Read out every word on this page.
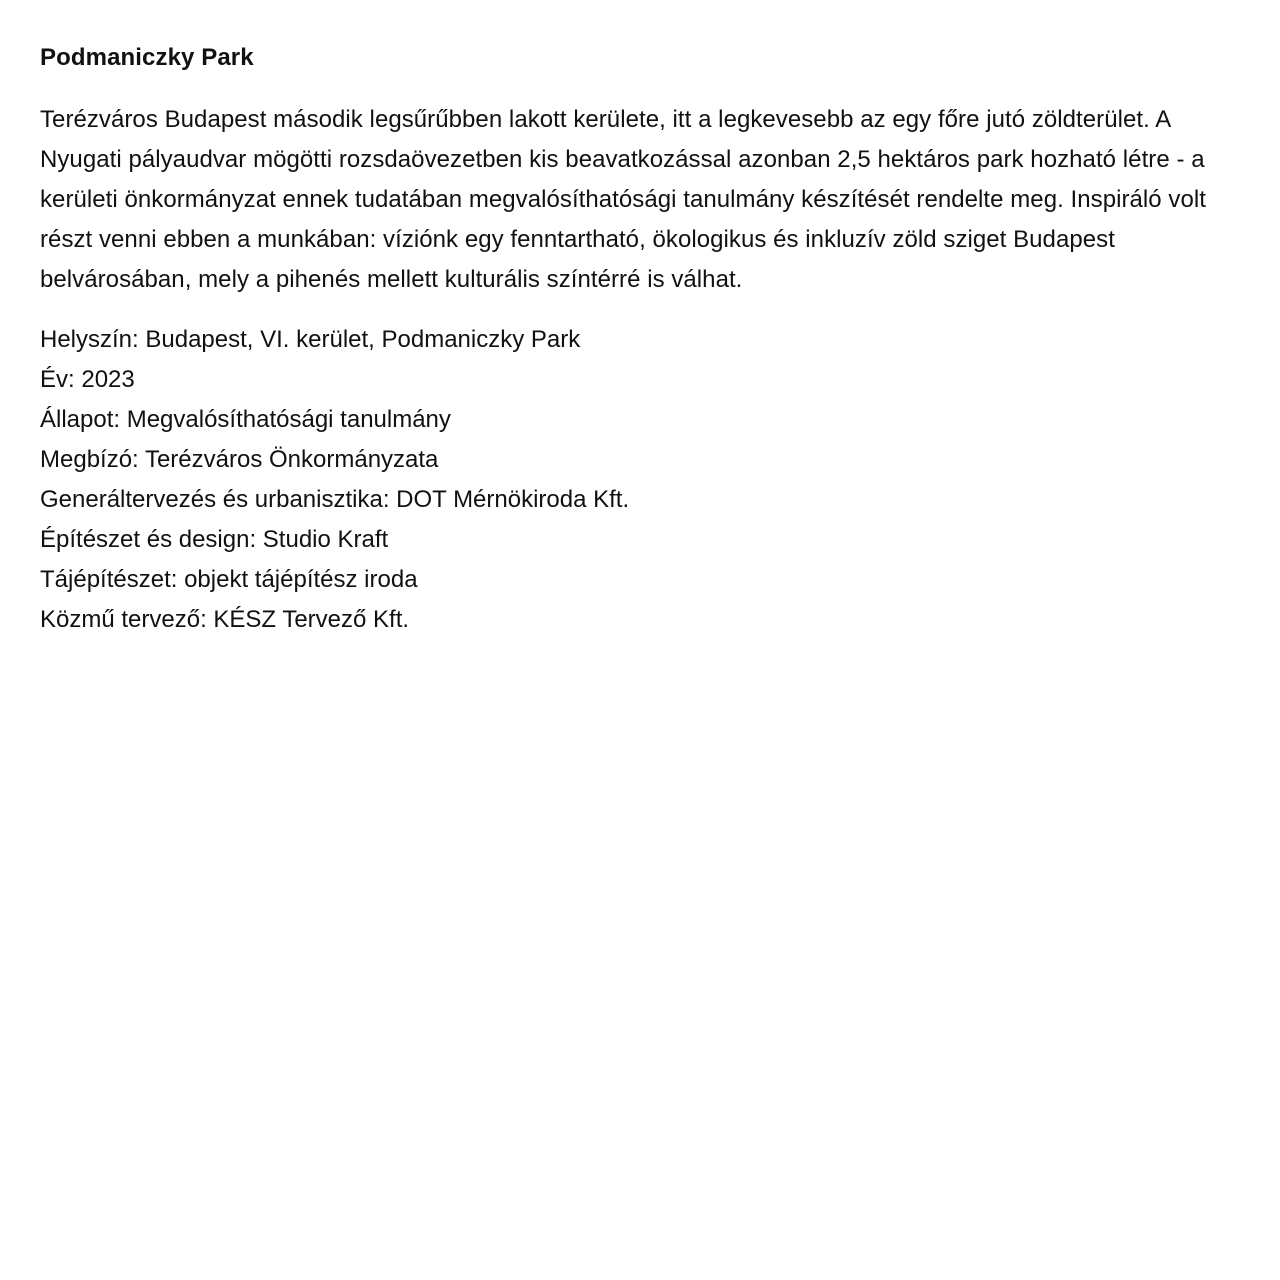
Podmaniczky Park

Terézváros Budapest második legsűrűbben lakott kerülete, itt a legkevesebb az egy főre jutó zöldterület. A Nyugati pályaudvar mögötti rozsdaövezetben kis beavatkozással azonban 2,5 hektáros park hozható létre - a kerületi önkormányzat ennek tudatában megvalósíthatósági tanulmány készítését rendelte meg. Inspiráló volt részt venni ebben a munkában: víziónk egy fenntartható, ökologikus és inkluzív zöld sziget Budapest belvárosában, mely a pihenés mellett kulturális színtérré is válhat.

Helyszín: Budapest, VI. kerület, Podmaniczky Park
Év: 2023
Állapot: Megvalósíthatósági tanulmány
Megbízó: Terézváros Önkormányzata
Generáltervezés és urbanisztika: DOT Mérnökiroda Kft.
Építészet és design: Studio Kraft
Tájépítészet: objekt tájépítész iroda
Közmű tervező: KÉSZ Tervező Kft.
